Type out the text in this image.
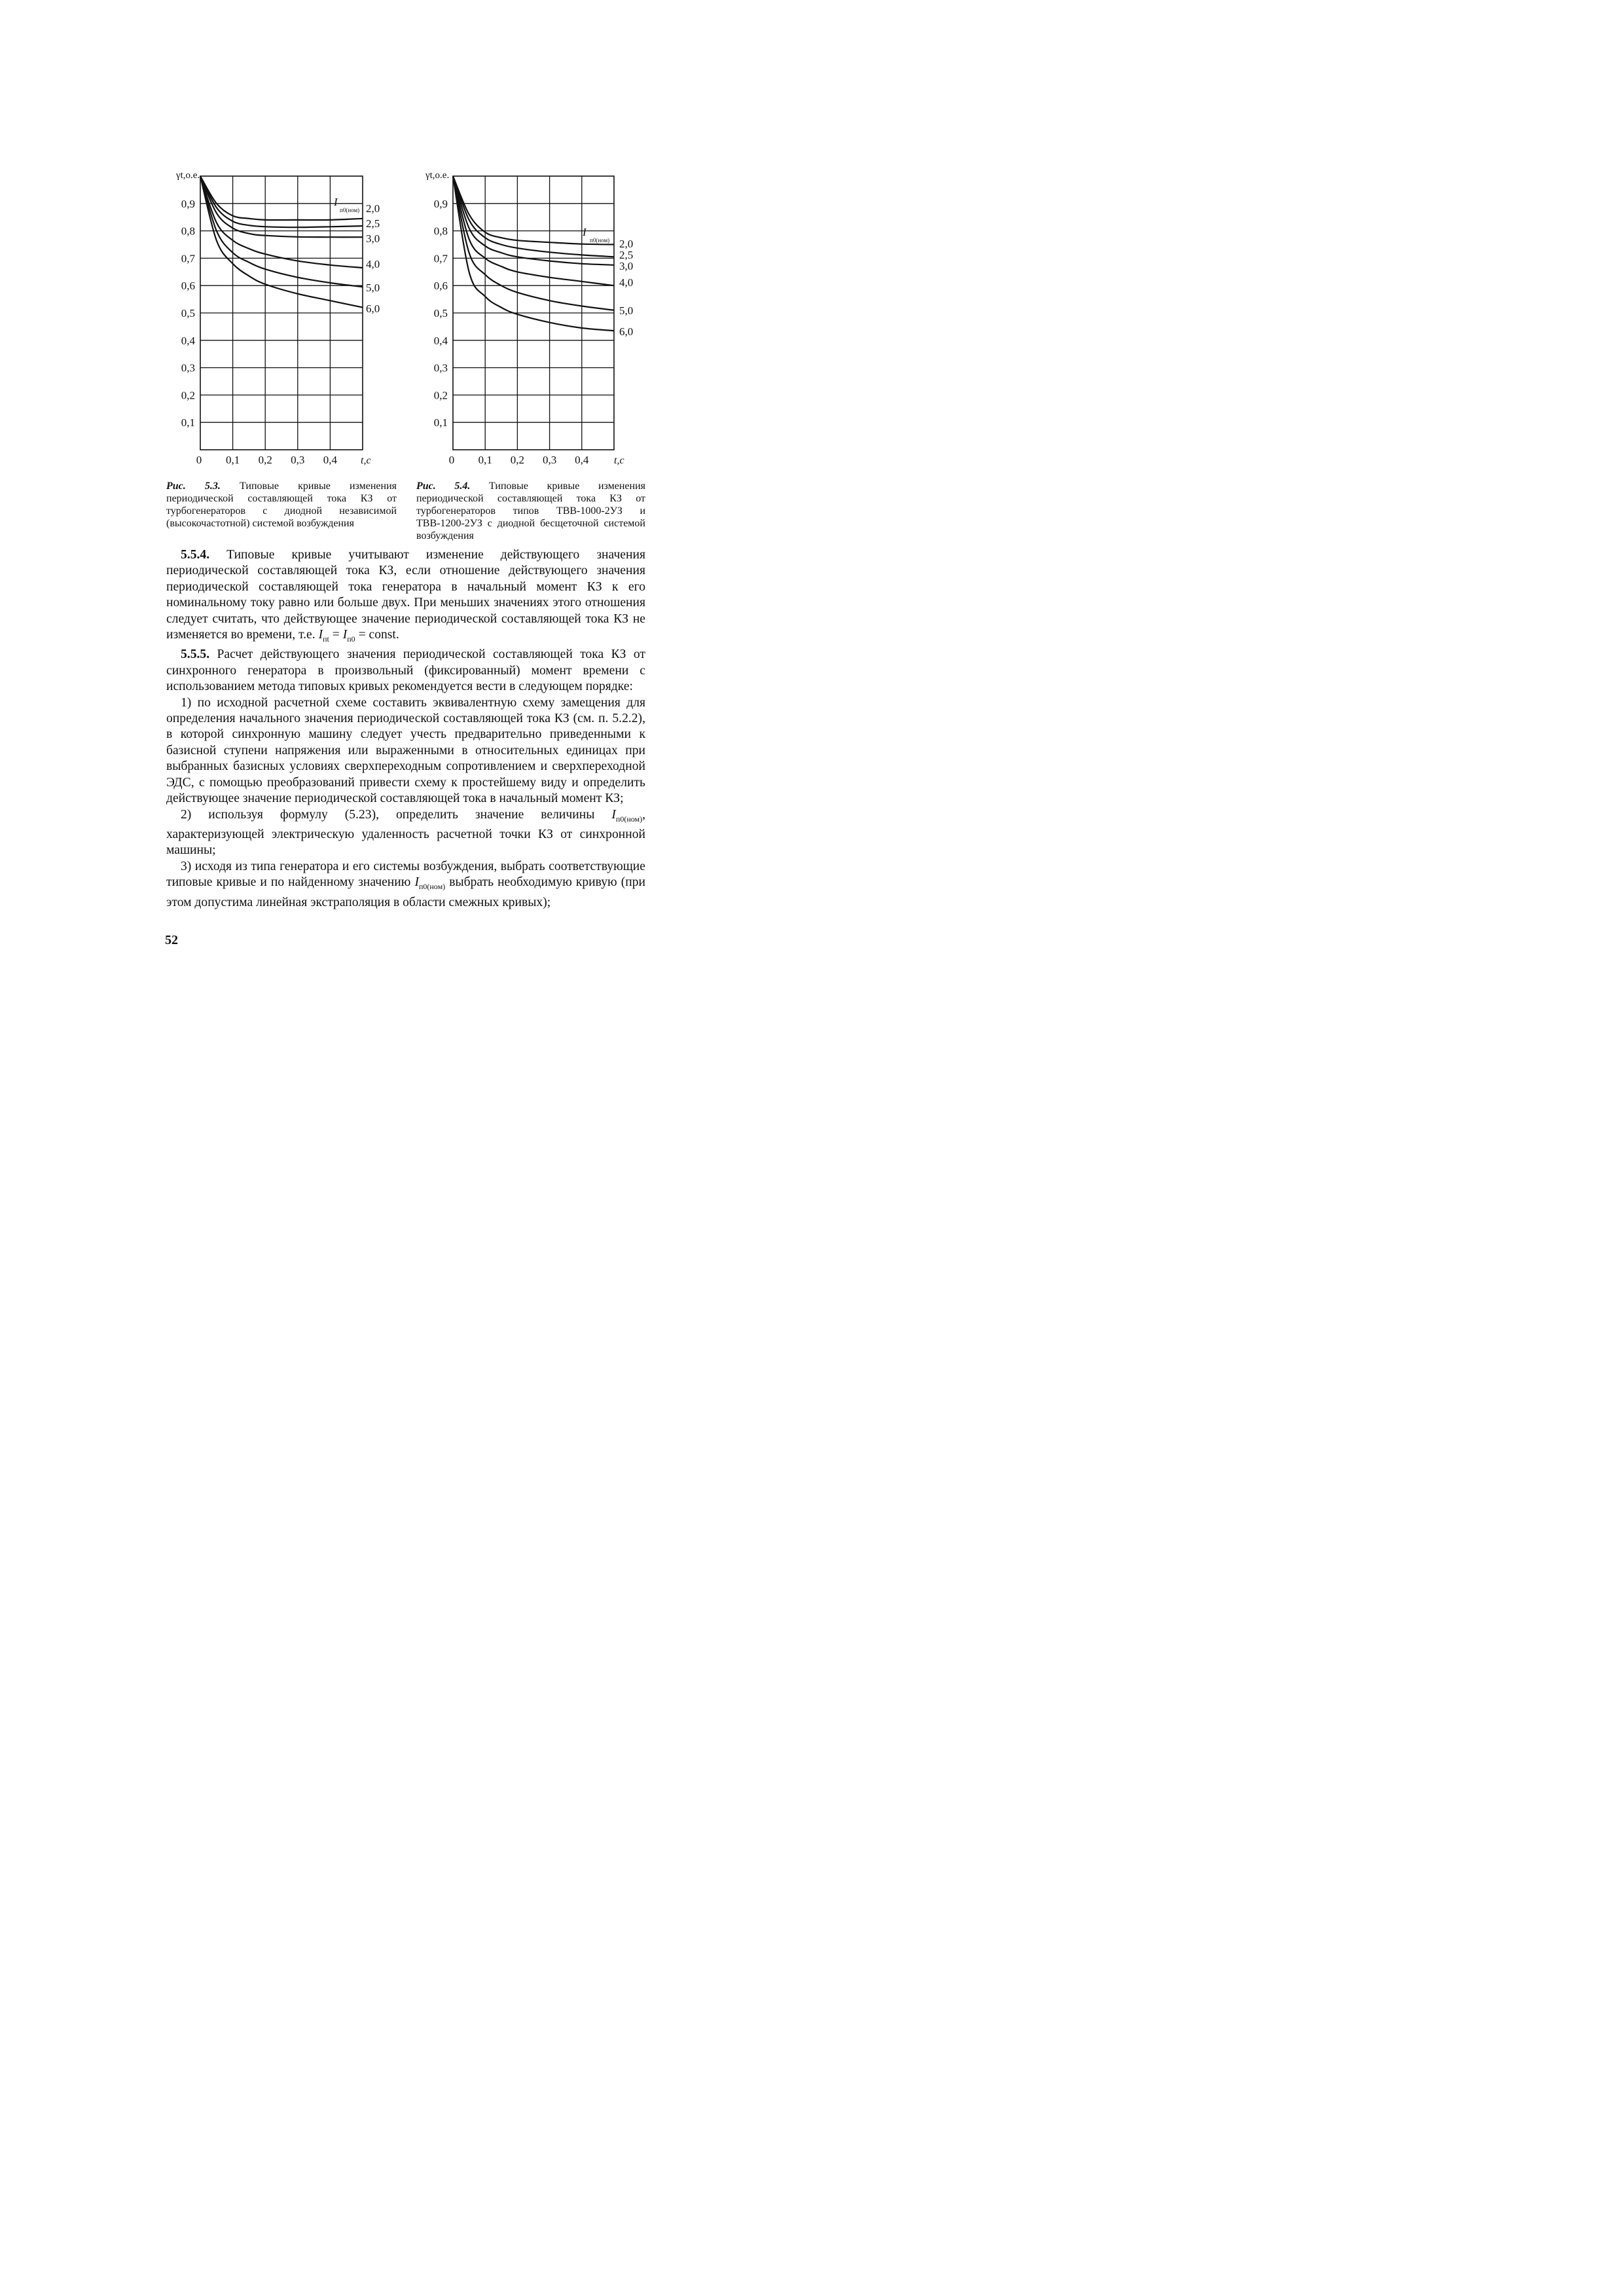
0,9
0,8
0,7
0,6
0,5
0,4
0,3
0,2
0,1
0 0,1 0,2 0,3 0,4
γt,о.е.
I
п0(ном)
t,c
2,0
2,5
3,0
4,0
5,0
6,0
0,9
0,8
0,7
0,6
0,5
0,4
0,3
0,2
0,1
0 0,1 0,2 0,3 0,4
γt,о.е.
I
п0(ном)
t,c
2,0
2,5
3,0
4,0
5,0
6,0
Рис. 5.3. Типовые кривые изменения периодической составляющей тока КЗ от турбогенераторов с диодной независимой (высокочастотной) системой возбуждения
Рис. 5.4. Типовые кривые изменения периодической составляющей тока КЗ от турбогенераторов типов ТВВ-1000-2УЗ и ТВВ-1200-2УЗ с диодной бесщеточной системой возбуждения

5.5.4. Типовые кривые учитывают изменение действующего значения периодической составляющей тока КЗ, если отношение действующего значения периодической составляющей тока генератора в начальный момент КЗ к его номинальному току равно или больше двух. При меньших значениях этого отношения следует считать, что действующее значение периодической составляющей тока КЗ не изменяется во времени, т.е. $I_{пt} = I_{п0}$ = const.

5.5.5. Расчет действующего значения периодической составляющей тока КЗ от синхронного генератора в произвольный (фиксированный) момент времени с использованием метода типовых кривых рекомендуется вести в следующем порядке:

1) по исходной расчетной схеме составить эквивалентную схему замещения для определения начального значения периодической составляющей тока КЗ (см. п. 5.2.2), в которой синхронную машину следует учесть предварительно приведенными к базисной ступени напряжения или выраженными в относительных единицах при выбранных базисных условиях сверхпереходным сопротивлением и сверхпереходной ЭДС, с помощью преобразований привести схему к простейшему виду и определить действующее значение периодической составляющей тока в начальный момент КЗ;

2) используя формулу (5.23), определить значение величины $I_{п0(ном)}$, характеризующей электрическую удаленность расчетной точки КЗ от синхронной машины;

3) исходя из типа генератора и его системы возбуждения, выбрать соответствующие типовые кривые и по найденному значению $I_{п0(ном)}$ выбрать необходимую кривую (при этом допустима линейная экстраполяция в области смежных кривых);

52
